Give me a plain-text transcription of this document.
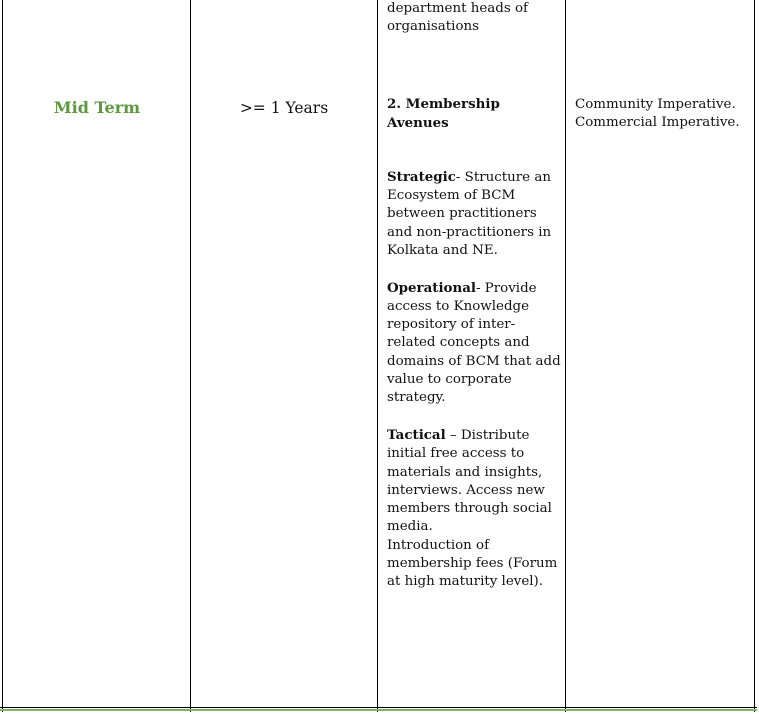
Mid Term	>= 1 Years

department heads of

organisations

2. Membership Avenues

Strategic- Structure an Ecosystem of BCM between practitioners and non-practitioners in Kolkata and NE.

Operational- Provide access to Knowledge repository of inter-related concepts and domains of BCM that add value to corporate strategy.

Tactical – Distribute initial free access to materials and insights, interviews. Access new members through social media.

Introduction of membership fees (Forum at high maturity level).

Community Imperative.

Commercial Imperative.
